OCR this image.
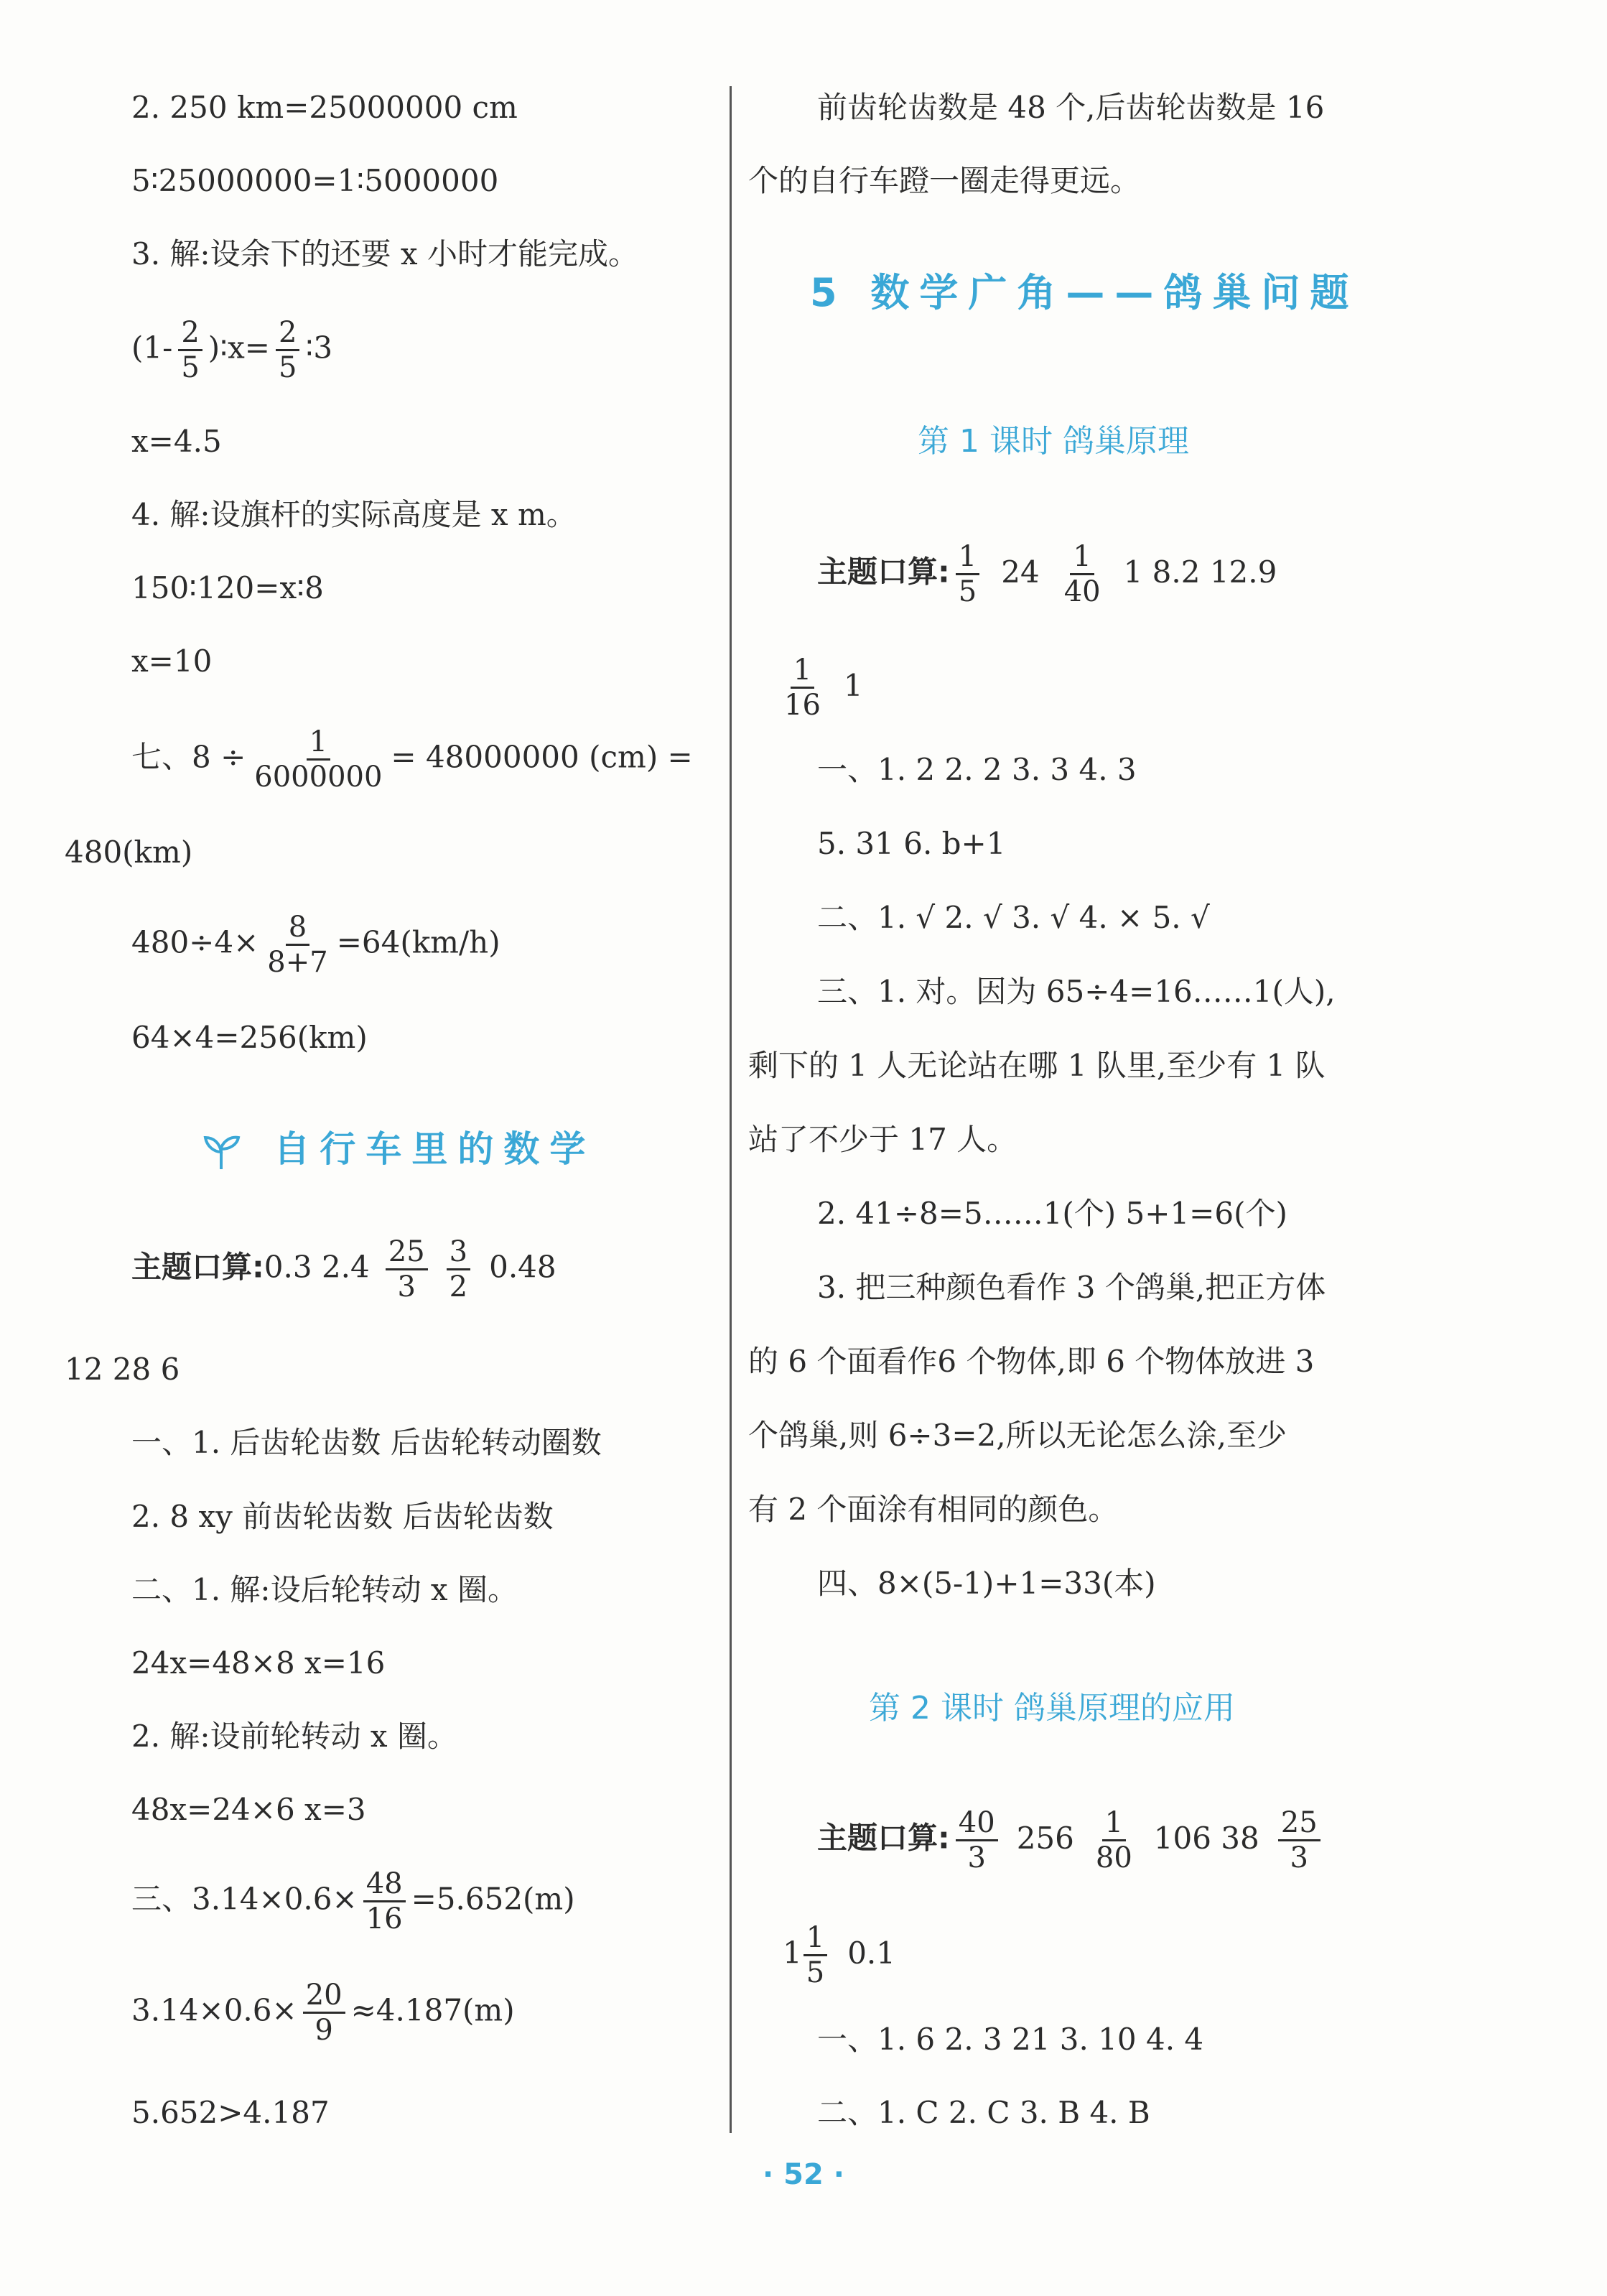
2. 250 km=25000000 cm
5∶25000000=1∶5000000
3. 解:设余下的还要 x 小时才能完成。
($1- \frac{2}{5}$ )∶x= $\frac{2}{5}$ ∶3
x=4.5
4. 解:设旗杆的实际高度是 x m。
150∶120=x∶8
x=10
七、$8 \div \frac{1}{6000000} = 48000000$ (cm) =
480(km)
$480\div 4\times \frac{8}{8+7} =64(km/h)$
64×4=256(km)
自行车里的数学
主题口算:0.3 $2.4 \frac{25}{3} \frac{3}{2} 0.48$
12 28 6
一、1. 后齿轮齿数 后齿轮转动圈数
2. 8 xy 前齿轮齿数 后齿轮齿数
二、1. 解:设后轮转动 x 圈。
24x=48×8 x=16
2. 解:设前轮转动 x 圈。
48x=24×6 x=3
三、$3.14\times 0.6\times \frac{48}{16} =5.652(m)$
$3.14\times 0.6\times \frac{20}{9} \approx 4.187(m)$
5.652>4.187
前齿轮齿数是 48 个,后齿轮齿数是 16
个的自行车蹬一圈走得更远。
5 数学广角——鸽巢问题
第 1 课时 鸽巢原理
主题口算: $\frac{1}{5} 24 \frac{1}{40} 1$ 8.2 12.9
$\frac{1}{16} 1$
一、1. 2 2. 2 3. 3 4. 3
5. 31 6. b+1
二、1. √ 2. √ 3. √ 4. × 5. √
三、1. 对。因为 65÷4=16……1(人),
剩下的 1 人无论站在哪 1 队里,至少有 1 队
站了不少于 17 人。
2. 41÷8=5……1(个) 5+1=6(个)
3. 把三种颜色看作 3 个鸽巢,把正方体
的 6 个面看作6 个物体,即 6 个物体放进 3
个鸽巢,则 6÷3=2,所以无论怎么涂,至少
有 2 个面涂有相同的颜色。
四、8×(5-1)+1=33(本)
第 2 课时 鸽巢原理的应用
主题口算: $\frac{40}{3} 256 \frac{1}{80} 106$ $38 \frac{25}{3}$
$1 \frac{1}{5} 0.1$
一、1. 6 2. 3 21 3. 10 4. 4
二、1. C 2. C 3. B 4. B
· 52 ·
